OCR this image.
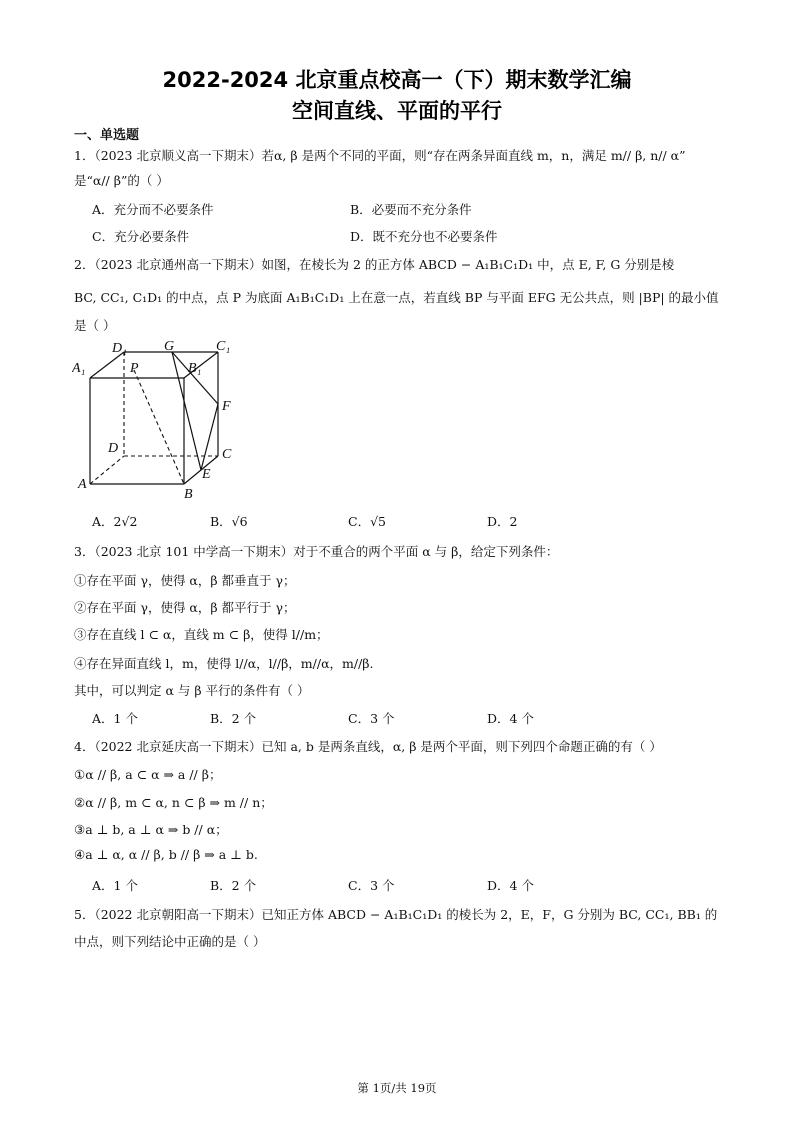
2022-2024 北京重点校高一（下）期末数学汇编
空间直线、平面的平行
一、单选题
1．（2023 北京顺义高一下期末）若α, β 是两个不同的平面，则“存在两条异面直线 m，n，满足 m// β, n// α”
是“α// β”的（ ）
A．充分而不必要条件	B．必要而不充分条件
C．充分必要条件	D．既不充分也不必要条件
2．（2023 北京通州高一下期末）如图，在棱长为 2 的正方体 ABCD − A₁B₁C₁D₁ 中，点 E, F, G 分别是棱
BC, CC₁, C₁D₁ 的中点，点 P 为底面 A₁B₁C₁D₁ 上在意一点，若直线 BP 与平面 EFG 无公共点，则 |BP| 的最小值
是（ ）
D₁	G	C₁
P
A₁	B₁
F
D	C
E
A
B
A．2√2	B．√6	C．√5	D．2
3．（2023 北京 101 中学高一下期末）对于不重合的两个平面 α 与 β，给定下列条件：
①存在平面 γ，使得 α，β 都垂直于 γ；
②存在平面 γ，使得 α，β 都平行于 γ；
③存在直线 l ⊂ α，直线 m ⊂ β，使得 l//m；
④存在异面直线 l，m，使得 l//α，l//β，m//α，m//β.
其中，可以判定 α 与 β 平行的条件有（ ）
A．1 个	B．2 个	C．3 个	D．4 个
4．（2022 北京延庆高一下期末）已知 a, b 是两条直线，α, β 是两个平面，则下列四个命题正确的有（ ）
①α // β, a ⊂ α ⇒ a // β；
②α // β, m ⊂ α, n ⊂ β ⇒ m // n；
③a ⊥ b, a ⊥ α ⇒ b // α；
④a ⊥ α, α // β, b // β ⇒ a ⊥ b.
A．1 个	B．2 个	C．3 个	D．4 个
5．（2022 北京朝阳高一下期末）已知正方体 ABCD − A₁B₁C₁D₁ 的棱长为 2，E，F，G 分别为 BC, CC₁, BB₁ 的
中点，则下列结论中正确的是（ ）
第 1页/共 19页
